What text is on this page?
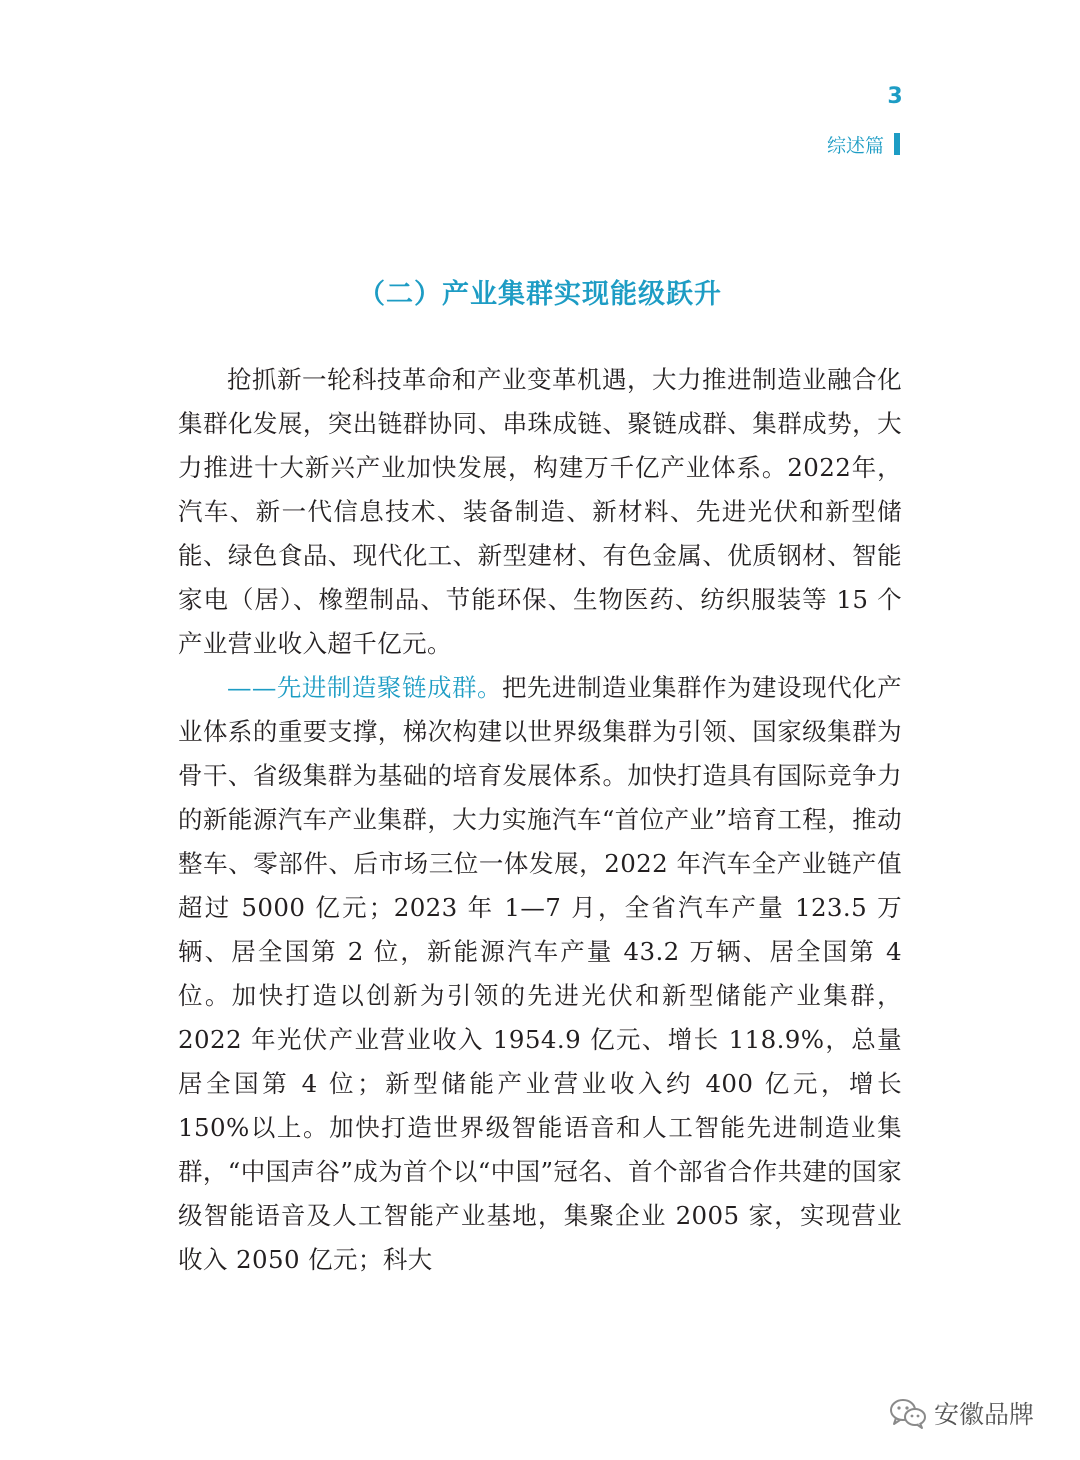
3
综述篇
（二）产业集群实现能级跃升

抢抓新一轮科技革命和产业变革机遇，大力推进制造业融合化集群化发展，突出链群协同、串珠成链、聚链成群、集群成势，大力推进十大新兴产业加快发展，构建万千亿产业体系。2022年，汽车、新一代信息技术、装备制造、新材料、先进光伏和新型储能、绿色食品、现代化工、新型建材、有色金属、优质钢材、智能家电（居）、橡塑制品、节能环保、生物医药、纺织服装等 15 个产业营业收入超千亿元。

——先进制造聚链成群。把先进制造业集群作为建设现代化产业体系的重要支撑，梯次构建以世界级集群为引领、国家级集群为骨干、省级集群为基础的培育发展体系。加快打造具有国际竞争力的新能源汽车产业集群，大力实施汽车“首位产业”培育工程，推动整车、零部件、后市场三位一体发展，2022 年汽车全产业链产值超过 5000 亿元；2023 年 1—7 月，全省汽车产量 123.5 万辆、居全国第 2 位，新能源汽车产量 43.2 万辆、居全国第 4 位。加快打造以创新为引领的先进光伏和新型储能产业集群，2022 年光伏产业营业收入 1954.9 亿元、增长 118.9%，总量居全国第 4 位；新型储能产业营业收入约 400 亿元，增长 150%以上。加快打造世界级智能语音和人工智能先进制造业集群，“中国声谷”成为首个以“中国”冠名、首个部省合作共建的国家级智能语音及人工智能产业基地，集聚企业 2005 家，实现营业收入 2050 亿元；科大

安徽品牌
